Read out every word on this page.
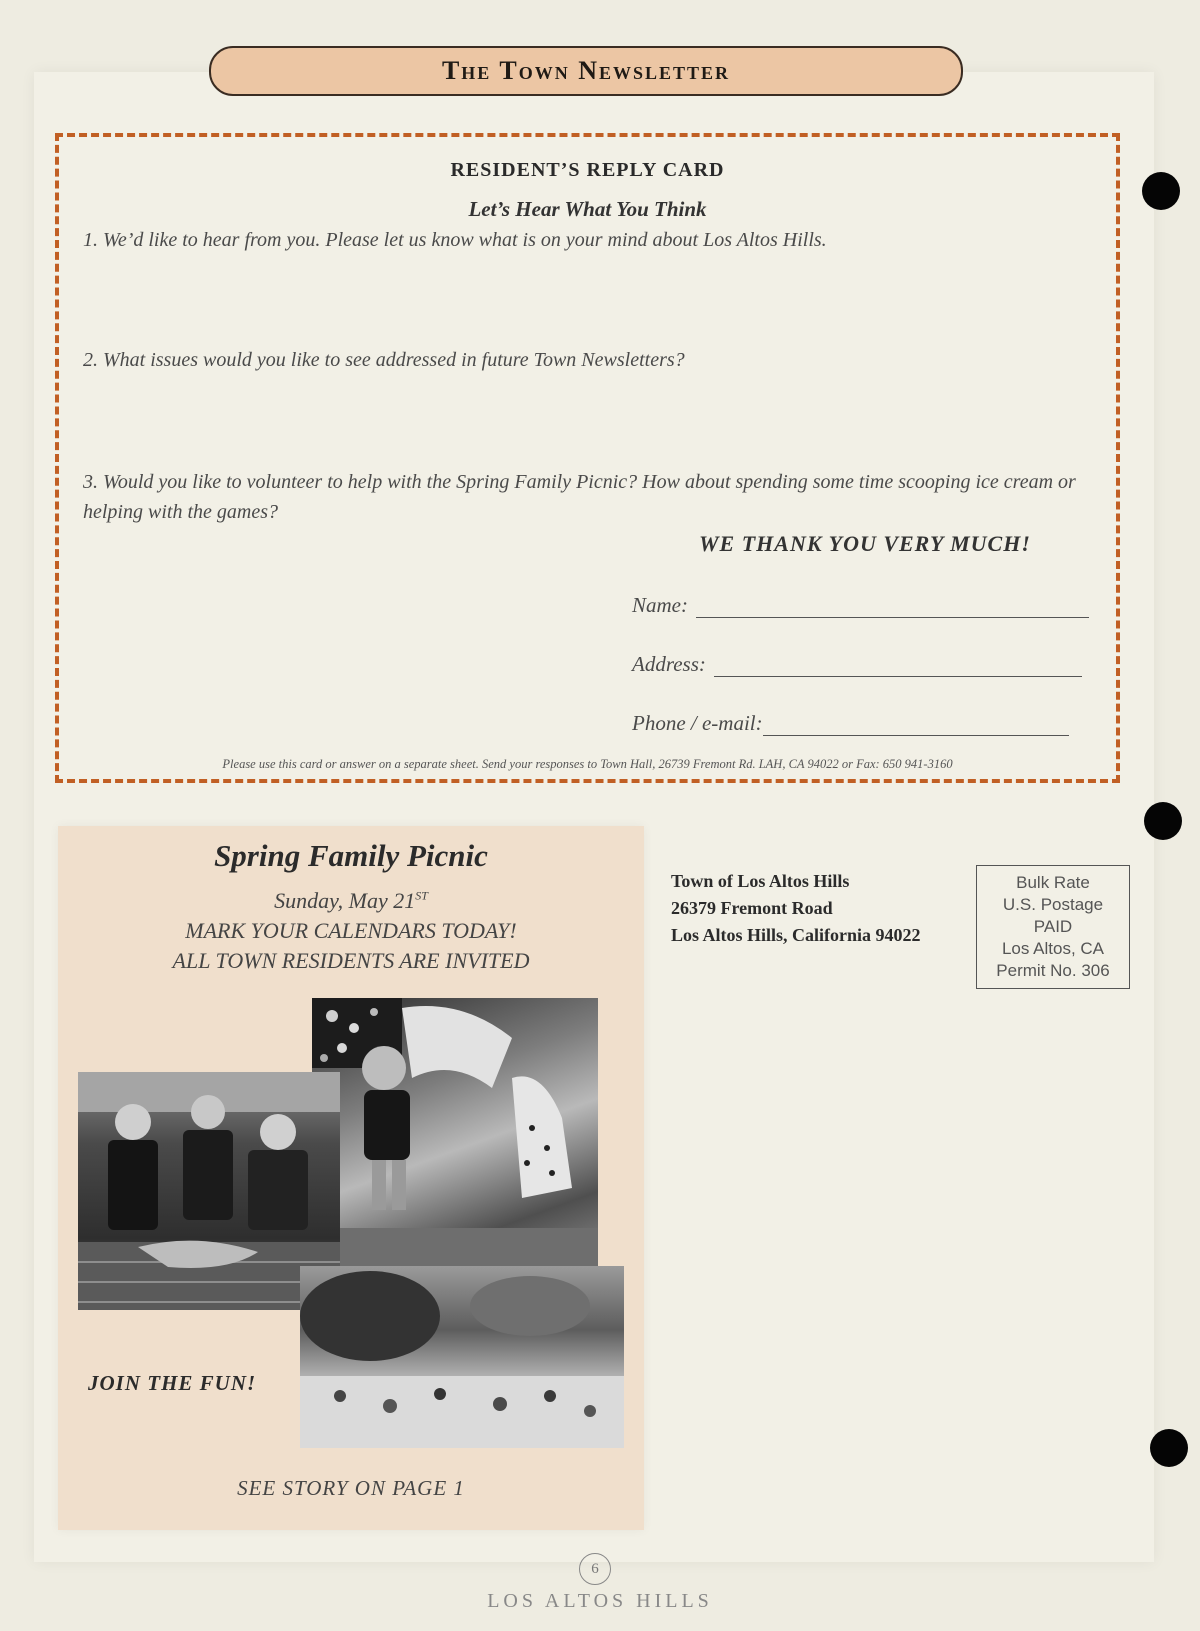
The Town Newsletter
RESIDENT’S REPLY CARD
Let’s Hear What You Think
1. We’d like to hear from you. Please let us know what is on your mind about Los Altos Hills.
2. What issues would you like to see addressed in future Town Newsletters?
3. Would you like to volunteer to help with the Spring Family Picnic? How about spending some time scooping ice cream or helping with the games?
WE THANK YOU VERY MUCH!
Name:
Address:
Phone / e-mail:
Please use this card or answer on a separate sheet. Send your responses to Town Hall, 26739 Fremont Rd. LAH, CA 94022 or Fax: 650 941-3160
Spring Family Picnic
Sunday, May 21ST
MARK YOUR CALENDARS TODAY!
ALL TOWN RESIDENTS ARE INVITED
JOIN THE FUN!
SEE STORY ON PAGE 1
Town of Los Altos Hills
26379 Fremont Road
Los Altos Hills, California 94022
Bulk Rate
U.S. Postage
PAID
Los Altos, CA
Permit No. 306
6
LOS ALTOS HILLS
